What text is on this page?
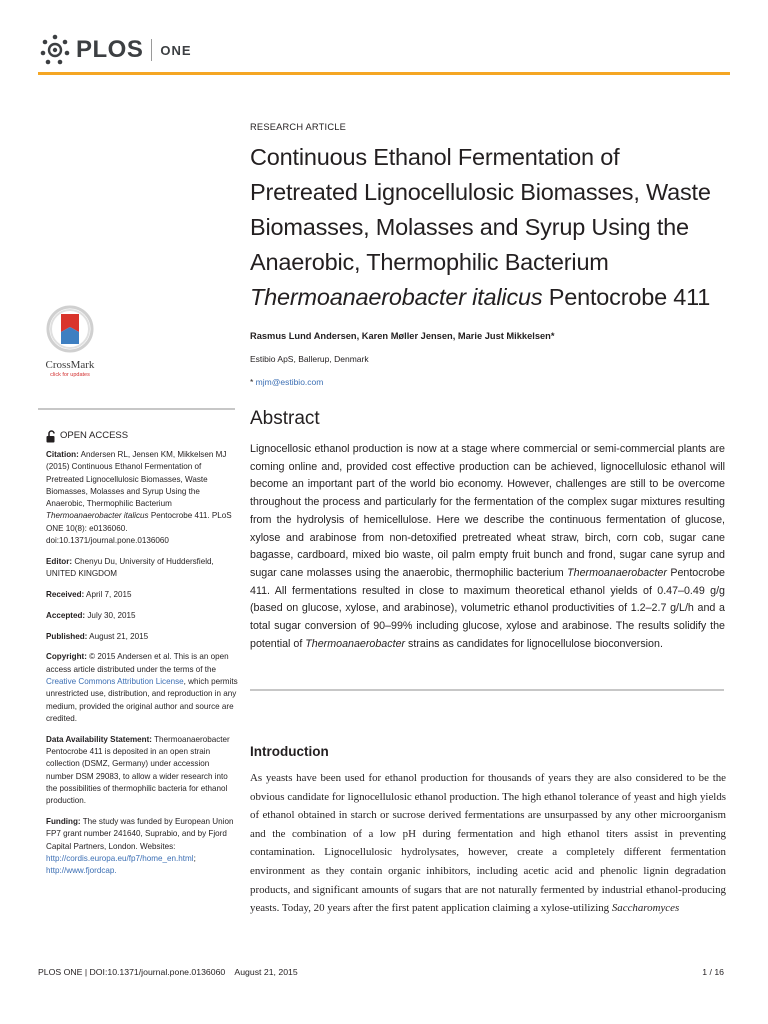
PLOS ONE
CrossMark
click for updates
OPEN ACCESS
Citation: Andersen RL, Jensen KM, Mikkelsen MJ (2015) Continuous Ethanol Fermentation of Pretreated Lignocellulosic Biomasses, Waste Biomasses, Molasses and Syrup Using the Anaerobic, Thermophilic Bacterium Thermoanaerobacter italicus Pentocrobe 411. PLoS ONE 10(8): e0136060. doi:10.1371/journal.pone.0136060
Editor: Chenyu Du, University of Huddersfield, UNITED KINGDOM
Received: April 7, 2015
Accepted: July 30, 2015
Published: August 21, 2015
Copyright: © 2015 Andersen et al. This is an open access article distributed under the terms of the Creative Commons Attribution License, which permits unrestricted use, distribution, and reproduction in any medium, provided the original author and source are credited.
Data Availability Statement: Thermoanaerobacter Pentocrobe 411 is deposited in an open strain collection (DSMZ, Germany) under accession number DSM 29083, to allow a wider research into the possibilities of thermophilic bacteria for ethanol production.
Funding: The study was funded by European Union FP7 grant number 241640, Suprabio, and by Fjord Capital Partners, London. Websites: http://cordis.europa.eu/fp7/home_en.html; http://www.fjordcap.
RESEARCH ARTICLE
Continuous Ethanol Fermentation of Pretreated Lignocellulosic Biomasses, Waste Biomasses, Molasses and Syrup Using the Anaerobic, Thermophilic Bacterium Thermoanaerobacter italicus Pentocrobe 411
Rasmus Lund Andersen, Karen Møller Jensen, Marie Just Mikkelsen*
Estibio ApS, Ballerup, Denmark
* mjm@estibio.com
Abstract
Lignocellosic ethanol production is now at a stage where commercial or semi-commercial plants are coming online and, provided cost effective production can be achieved, lignocellulosic ethanol will become an important part of the world bio economy. However, challenges are still to be overcome throughout the process and particularly for the fermentation of the complex sugar mixtures resulting from the hydrolysis of hemicellulose. Here we describe the continuous fermentation of glucose, xylose and arabinose from non-detoxified pretreated wheat straw, birch, corn cob, sugar cane bagasse, cardboard, mixed bio waste, oil palm empty fruit bunch and frond, sugar cane syrup and sugar cane molasses using the anaerobic, thermophilic bacterium Thermoanaerobacter Pentocrobe 411. All fermentations resulted in close to maximum theoretical ethanol yields of 0.47–0.49 g/g (based on glucose, xylose, and arabinose), volumetric ethanol productivities of 1.2–2.7 g/L/h and a total sugar conversion of 90–99% including glucose, xylose and arabinose. The results solidify the potential of Thermoanaerobacter strains as candidates for lignocellulose bioconversion.
Introduction
As yeasts have been used for ethanol production for thousands of years they are also considered to be the obvious candidate for lignocellulosic ethanol production. The high ethanol tolerance of yeast and high yields of ethanol obtained in starch or sucrose derived fermentations are unsurpassed by any other microorganism and the combination of a low pH during fermentation and high ethanol titers assist in preventing contamination. Lignocellulosic hydrolysates, however, create a completely different fermentation environment as they contain organic inhibitors, including acetic acid and phenolic lignin degradation products, and significant amounts of sugars that are not naturally fermented by industrial ethanol-producing yeasts. Today, 20 years after the first patent application claiming a xylose-utilizing Saccharomyces
PLOS ONE | DOI:10.1371/journal.pone.0136060    August 21, 2015	1 / 16
